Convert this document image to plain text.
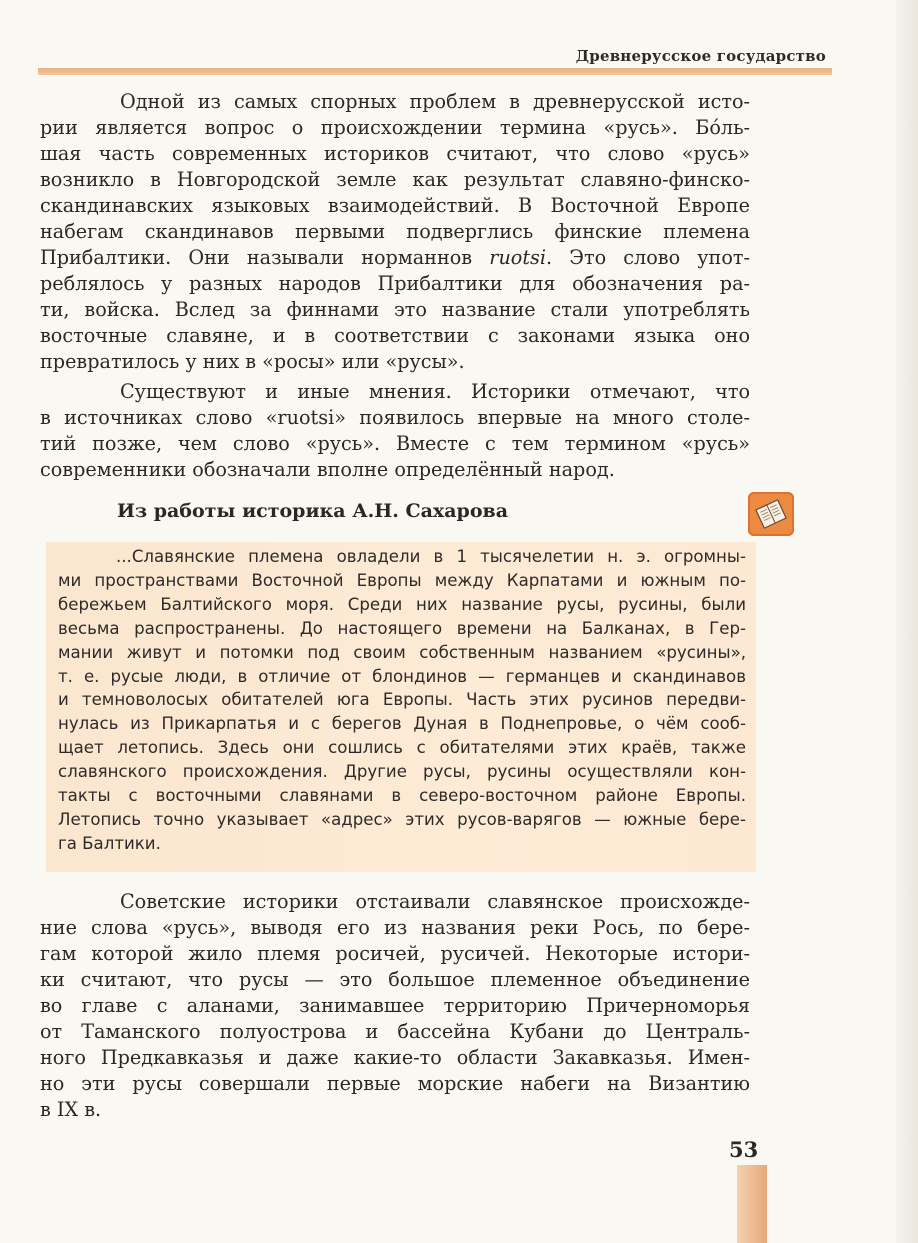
Древнерусское государство
Одной из самых спорных проблем в древнерусской исто-
рии является вопрос о происхождении термина «русь». Бо́ль-
шая часть современных историков считают, что слово «русь»
возникло в Новгородской земле как результат славяно-финско-
скандинавских языковых взаимодействий. В Восточной Европе
набегам скандинавов первыми подверглись финские племена
Прибалтики. Они называли норманнов ruotsi. Это слово упот-
реблялось у разных народов Прибалтики для обозначения ра-
ти, войска. Вслед за финнами это название стали употреблять
восточные славяне, и в соответствии с законами языка оно
превратилось у них в «росы» или «русы».
Существуют и иные мнения. Историки отмечают, что
в источниках слово «ruotsi» появилось впервые на много столе-
тий позже, чем слово «русь». Вместе с тем термином «русь»
современники обозначали вполне определённый народ.
Из работы историка А.Н. Сахарова
...Славянские племена овладели в 1 тысячелетии н. э. огромны-
ми пространствами Восточной Европы между Карпатами и южным по-
бережьем Балтийского моря. Среди них название русы, русины, были
весьма распространены. До настоящего времени на Балканах, в Гер-
мании живут и потомки под своим собственным названием «русины»,
т. е. русые люди, в отличие от блондинов — германцев и скандинавов
и темноволосых обитателей юга Европы. Часть этих русинов передви-
нулась из Прикарпатья и с берегов Дуная в Поднепровье, о чём сооб-
щает летопись. Здесь они сошлись с обитателями этих краёв, также
славянского происхождения. Другие русы, русины осуществляли кон-
такты с восточными славянами в северо-восточном районе Европы.
Летопись точно указывает «адрес» этих русов-варягов — южные бере-
га Балтики.
Советские историки отстаивали славянское происхожде-
ние слова «русь», выводя его из названия реки Рось, по бере-
гам которой жило племя росичей, русичей. Некоторые истори-
ки считают, что русы — это большое племенное объединение
во главе с аланами, занимавшее территорию Причерноморья
от Таманского полуострова и бассейна Кубани до Централь-
ного Предкавказья и даже какие-то области Закавказья. Имен-
но эти русы совершали первые морские набеги на Византию
в IX в.
53
